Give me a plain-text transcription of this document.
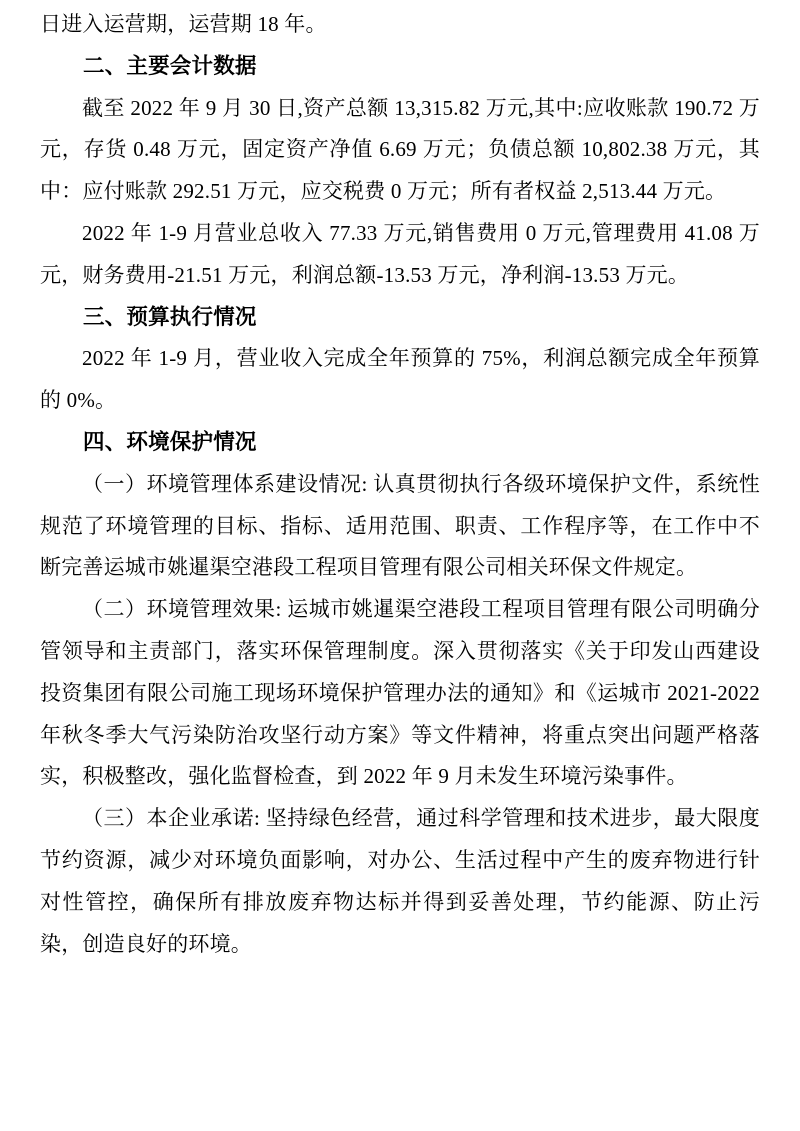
日进入运营期，运营期 18 年。

二、主要会计数据

截至 2022 年 9 月 30 日,资产总额 13,315.82 万元,其中:应收账款 190.72 万元，存货 0.48 万元，固定资产净值 6.69 万元；负债总额 10,802.38 万元，其中：应付账款 292.51 万元，应交税费 0 万元；所有者权益 2,513.44 万元。

2022 年 1-9 月营业总收入 77.33 万元,销售费用 0 万元,管理费用 41.08 万元，财务费用-21.51 万元，利润总额-13.53 万元，净利润-13.53 万元。

三、预算执行情况

2022 年 1-9 月，营业收入完成全年预算的 75%，利润总额完成全年预算的 0%。

四、环境保护情况

（一）环境管理体系建设情况: 认真贯彻执行各级环境保护文件，系统性规范了环境管理的目标、指标、适用范围、职责、工作程序等，在工作中不断完善运城市姚暹渠空港段工程项目管理有限公司相关环保文件规定。

（二）环境管理效果: 运城市姚暹渠空港段工程项目管理有限公司明确分管领导和主责部门，落实环保管理制度。深入贯彻落实《关于印发山西建设投资集团有限公司施工现场环境保护管理办法的通知》和《运城市 2021-2022 年秋冬季大气污染防治攻坚行动方案》等文件精神，将重点突出问题严格落实，积极整改，强化监督检查，到 2022 年 9 月未发生环境污染事件。

（三）本企业承诺: 坚持绿色经营，通过科学管理和技术进步，最大限度节约资源，减少对环境负面影响，对办公、生活过程中产生的废弃物进行针对性管控，确保所有排放废弃物达标并得到妥善处理，节约能源、防止污染，创造良好的环境。
